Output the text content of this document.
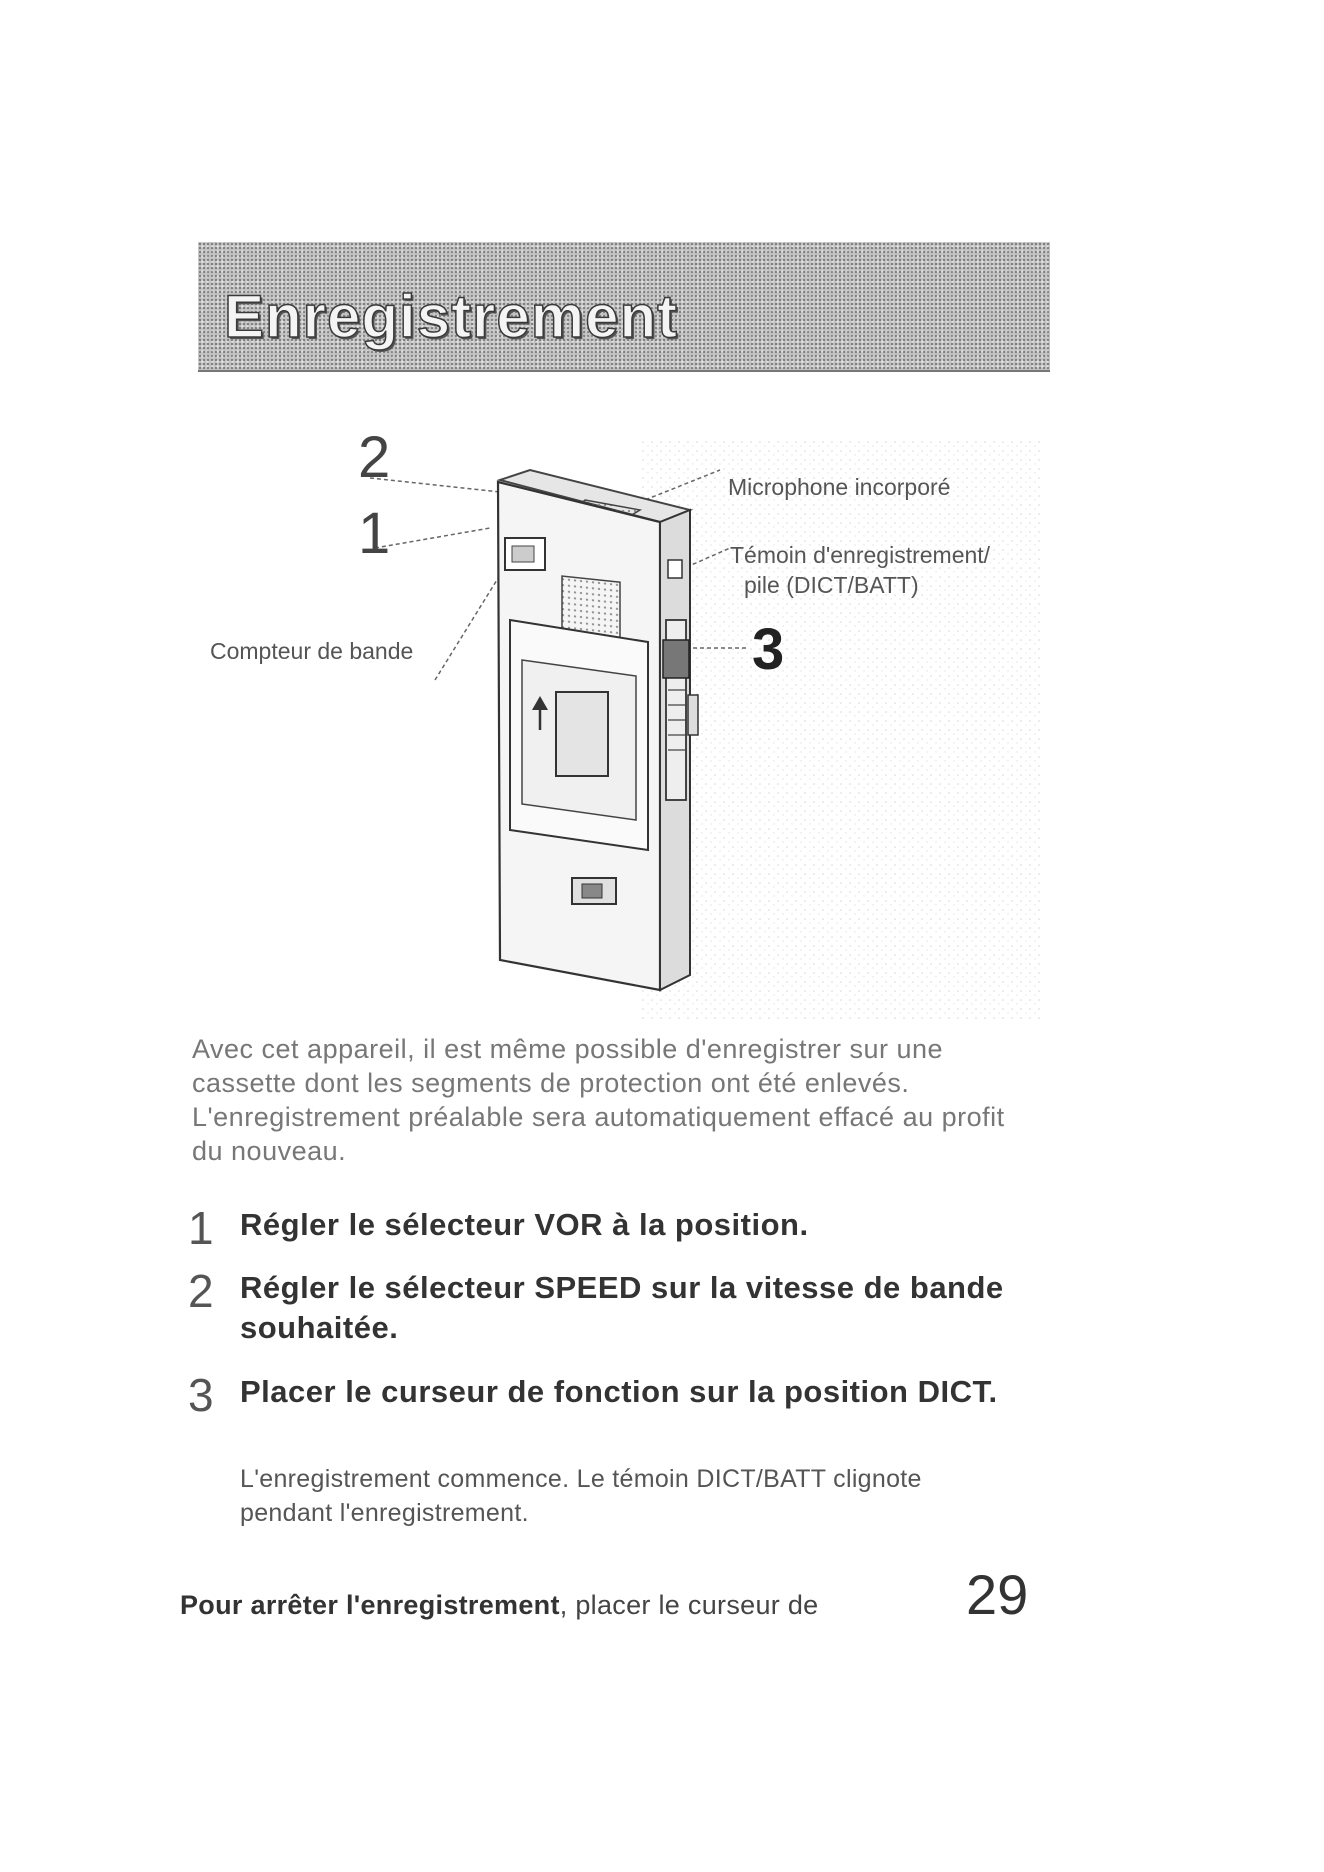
Enregistrement
2
1
3
Compteur de bande
Microphone incorporé
Témoin d'enregistrement/
pile (DICT/BATT)
Avec cet appareil, il est même possible d'enregistrer sur une cassette dont les segments de protection ont été enlevés. L'enregistrement préalable sera automatiquement effacé au profit du nouveau.
1 Régler le sélecteur VOR à la position.
2 Régler le sélecteur SPEED sur la vitesse de bande souhaitée.
3 Placer le curseur de fonction sur la position DICT.
L'enregistrement commence. Le témoin DICT/BATT clignote pendant l'enregistrement.
Pour arrêter l'enregistrement, placer le curseur de	29
